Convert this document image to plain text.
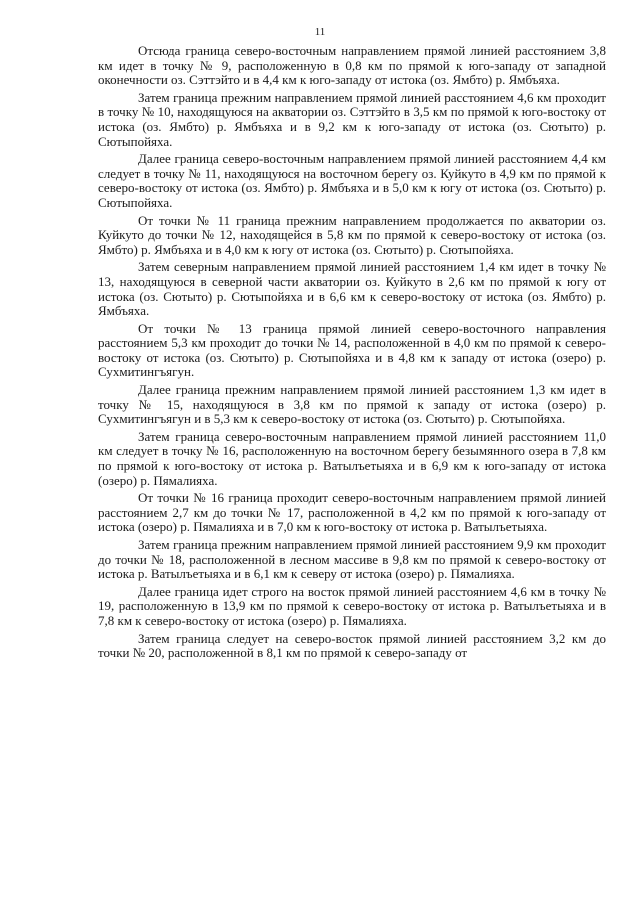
11

Отсюда граница северо-восточным направлением прямой линией расстоянием 3,8 км идет в точку № 9, расположенную в 0,8 км по прямой к юго-западу от западной оконечности оз. Сэттэйто и в 4,4 км к юго-западу от истока (оз. Ямбто) р. Ямбъяха.

Затем граница прежним направлением прямой линией расстоянием 4,6 км проходит в точку № 10, находящуюся на акватории оз. Сэттэйто в 3,5 км по прямой к юго-востоку от истока (оз. Ямбто) р. Ямбъяха и в 9,2 км к юго-западу от истока (оз. Сютыто) р. Сютыпойяха.

Далее граница северо-восточным направлением прямой линией расстоянием 4,4 км следует в точку № 11, находящуюся на восточном берегу оз. Куйкуто в 4,9 км по прямой к северо-востоку от истока (оз. Ямбто) р. Ямбъяха и в 5,0 км к югу от истока (оз. Сютыто) р. Сютыпойяха.

От точки № 11 граница прежним направлением продолжается по акватории оз. Куйкуто до точки № 12, находящейся в 5,8 км по прямой к северо-востоку от истока (оз. Ямбто) р. Ямбъяха и в 4,0 км к югу от истока (оз. Сютыто) р. Сютыпойяха.

Затем северным направлением прямой линией расстоянием 1,4 км идет в точку № 13, находящуюся в северной части акватории оз. Куйкуто в 2,6 км по прямой к югу от истока (оз. Сютыто) р. Сютыпойяха и в 6,6 км к северо-востоку от истока (оз. Ямбто) р. Ямбъяха.

От точки № 13 граница прямой линией северо-восточного направления расстоянием 5,3 км проходит до точки № 14, расположенной в 4,0 км по прямой к северо-востоку от истока (оз. Сютыто) р. Сютыпойяха и в 4,8 км к западу от истока (озеро) р. Сухмитингъягун.

Далее граница прежним направлением прямой линией расстоянием 1,3 км идет в точку № 15, находящуюся в 3,8 км по прямой к западу от истока (озеро) р. Сухмитингъягун и в 5,3 км к северо-востоку от истока (оз. Сютыто) р. Сютыпойяха.

Затем граница северо-восточным направлением прямой линией расстоянием 11,0 км следует в точку № 16, расположенную на восточном берегу безымянного озера в 7,8 км по прямой к юго-востоку от истока р. Ватылъетыяха и в 6,9 км к юго-западу от истока (озеро) р. Пямалияха.

От точки № 16 граница проходит северо-восточным направлением прямой линией расстоянием 2,7 км до точки № 17, расположенной в 4,2 км по прямой к юго-западу от истока (озеро) р. Пямалияха и в 7,0 км к юго-востоку от истока р. Ватылъетыяха.

Затем граница прежним направлением прямой линией расстоянием 9,9 км проходит до точки № 18, расположенной в лесном массиве в 9,8 км по прямой к северо-востоку от истока р. Ватылъетыяха и в 6,1 км к северу от истока (озеро) р. Пямалияха.

Далее граница идет строго на восток прямой линией расстоянием 4,6 км в точку № 19, расположенную в 13,9 км по прямой к северо-востоку от истока р. Ватылъетыяха и в 7,8 км к северо-востоку от истока (озеро) р. Пямалияха.

Затем граница следует на северо-восток прямой линией расстоянием 3,2 км до точки № 20, расположенной в 8,1 км по прямой к северо-западу от
